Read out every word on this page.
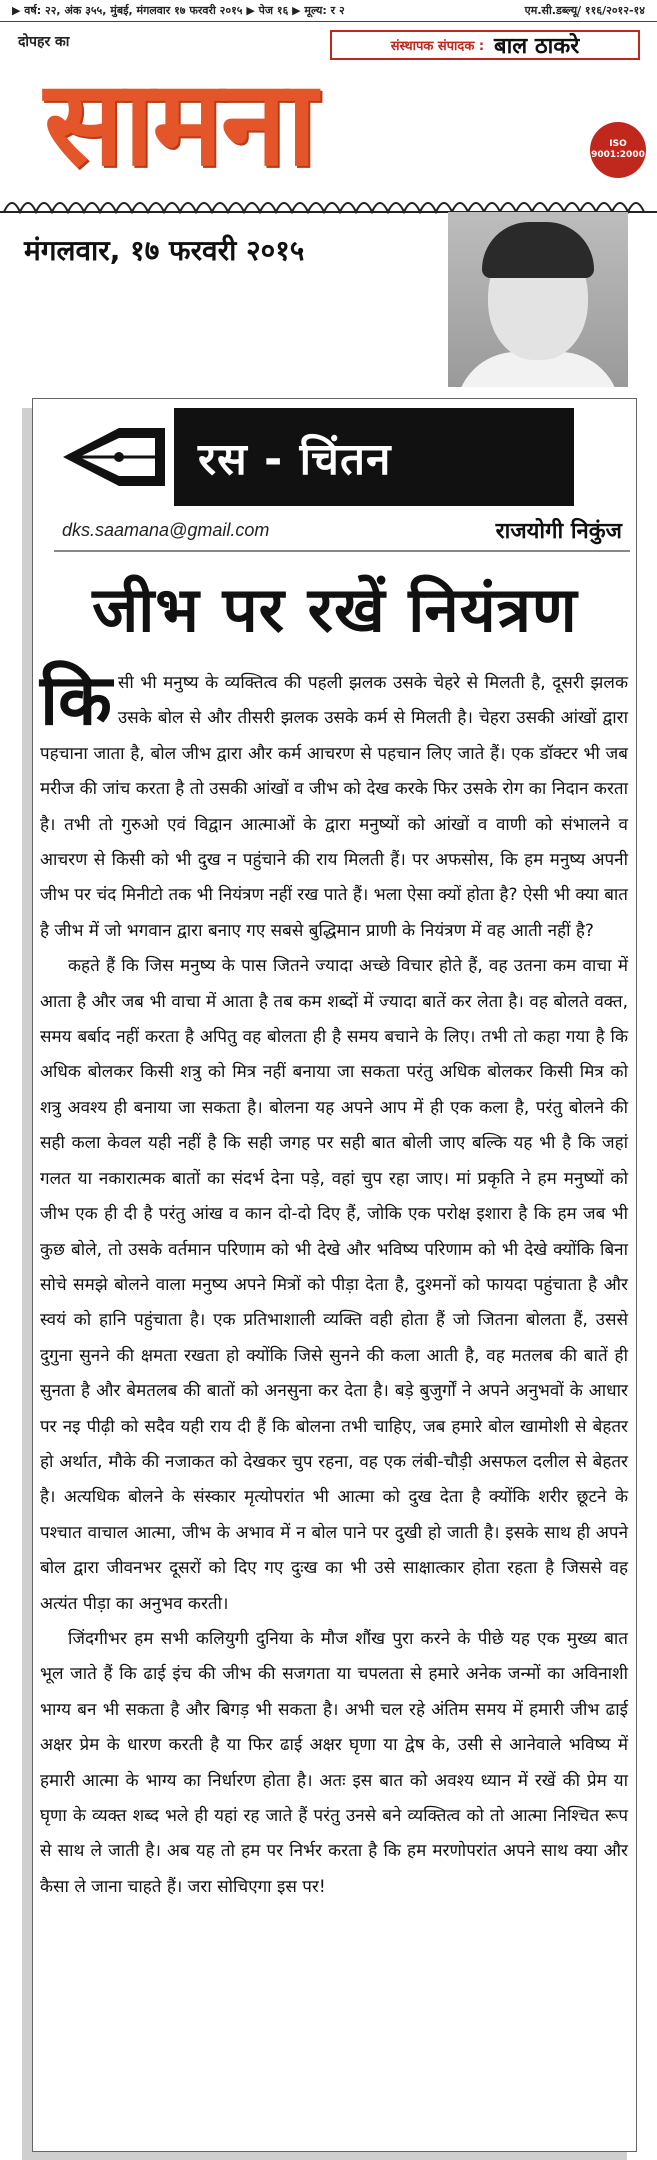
▶ वर्ष: २२, अंक ३५५, मुंबई, मंगलवार १७ फरवरी २०१५ ▶ पेज १६ ▶ मूल्य: र २	एम.सी.डब्ल्यू/ ११६/२०१२-१४
दोपहर का	संस्थापक संपादक : बाल ठाकरे
सामना	ISO
9001:2000
मंगलवार, १७ फरवरी २०१५
रस - चिंतन
dks.saamana@gmail.com	राजयोगी निकुंज
जीभ पर रखें नियंत्रण

किसी भी मनुष्य के व्यक्तित्व की पहली झलक उसके चेहरे से मिलती है, दूसरी झलक उसके बोल से और तीसरी झलक उसके कर्म से मिलती है। चेहरा उसकी आंखों द्वारा पहचाना जाता है, बोल जीभ द्वारा और कर्म आचरण से पहचान लिए जाते हैं। एक डॉक्टर भी जब मरीज की जांच करता है तो उसकी आंखों व जीभ को देख करके फिर उसके रोग का निदान करता है। तभी तो गुरुओ एवं विद्वान आत्माओं के द्वारा मनुष्यों को आंखों व वाणी को संभालने व आचरण से किसी को भी दुख न पहुंचाने की राय मिलती हैं। पर अफसोस, कि हम मनुष्य अपनी जीभ पर चंद मिनीटो तक भी नियंत्रण नहीं रख पाते हैं। भला ऐसा क्यों होता है? ऐसी भी क्या बात है जीभ में जो भगवान द्वारा बनाए गए सबसे बुद्धिमान प्राणी के नियंत्रण में वह आती नहीं है?

कहते हैं कि जिस मनुष्य के पास जितने ज्यादा अच्छे विचार होते हैं, वह उतना कम वाचा में आता है और जब भी वाचा में आता है तब कम शब्दों में ज्यादा बातें कर लेता है। वह बोलते वक्त, समय बर्बाद नहीं करता है अपितु वह बोलता ही है समय बचाने के लिए। तभी तो कहा गया है कि अधिक बोलकर किसी शत्रु को मित्र नहीं बनाया जा सकता परंतु अधिक बोलकर किसी मित्र को शत्रु अवश्य ही बनाया जा सकता है। बोलना यह अपने आप में ही एक कला है, परंतु बोलने की सही कला केवल यही नहीं है कि सही जगह पर सही बात बोली जाए बल्कि यह भी है कि जहां गलत या नकारात्मक बातों का संदर्भ देना पड़े, वहां चुप रहा जाए। मां प्रकृति ने हम मनुष्यों को जीभ एक ही दी है परंतु आंख व कान दो-दो दिए हैं, जोकि एक परोक्ष इशारा है कि हम जब भी कुछ बोले, तो उसके वर्तमान परिणाम को भी देखे और भविष्य परिणाम को भी देखे क्योंकि बिना सोचे समझे बोलने वाला मनुष्य अपने मित्रों को पीड़ा देता है, दुश्मनों को फायदा पहुंचाता है और स्वयं को हानि पहुंचाता है। एक प्रतिभाशाली व्यक्ति वही होता हैं जो जितना बोलता हैं, उससे दुगुना सुनने की क्षमता रखता हो क्योंकि जिसे सुनने की कला आती है, वह मतलब की बातें ही सुनता है और बेमतलब की बातों को अनसुना कर देता है। बड़े बुजुर्गों ने अपने अनुभवों के आधार पर नइ पीढ़ी को सदैव यही राय दी हैं कि बोलना तभी चाहिए, जब हमारे बोल खामोशी से बेहतर हो अर्थात, मौके की नजाकत को देखकर चुप रहना, वह एक लंबी-चौड़ी असफल दलील से बेहतर है। अत्यधिक बोलने के संस्कार मृत्योपरांत भी आत्मा को दुख देता है क्योंकि शरीर छूटने के पश्चात वाचाल आत्मा, जीभ के अभाव में न बोल पाने पर दुखी हो जाती है। इसके साथ ही अपने बोल द्वारा जीवनभर दूसरों को दिए गए दुःख का भी उसे साक्षात्कार होता रहता है जिससे वह अत्यंत पीड़ा का अनुभव करती।

जिंदगीभर हम सभी कलियुगी दुनिया के मौज शौंख पुरा करने के पीछे यह एक मुख्य बात भूल जाते हैं कि ढाई इंच की जीभ की सजगता या चपलता से हमारे अनेक जन्मों का अविनाशी भाग्य बन भी सकता है और बिगड़ भी सकता है। अभी चल रहे अंतिम समय में हमारी जीभ ढाई अक्षर प्रेम के धारण करती है या फिर ढाई अक्षर घृणा या द्वेष के, उसी से आनेवाले भविष्य में हमारी आत्मा के भाग्य का निर्धारण होता है। अतः इस बात को अवश्य ध्यान में रखें की प्रेम या घृणा के व्यक्त शब्द भले ही यहां रह जाते हैं परंतु उनसे बने व्यक्तित्व को तो आत्मा निश्चित रूप से साथ ले जाती है। अब यह तो हम पर निर्भर करता है कि हम मरणोपरांत अपने साथ क्या और कैसा ले जाना चाहते हैं। जरा सोचिएगा इस पर!
